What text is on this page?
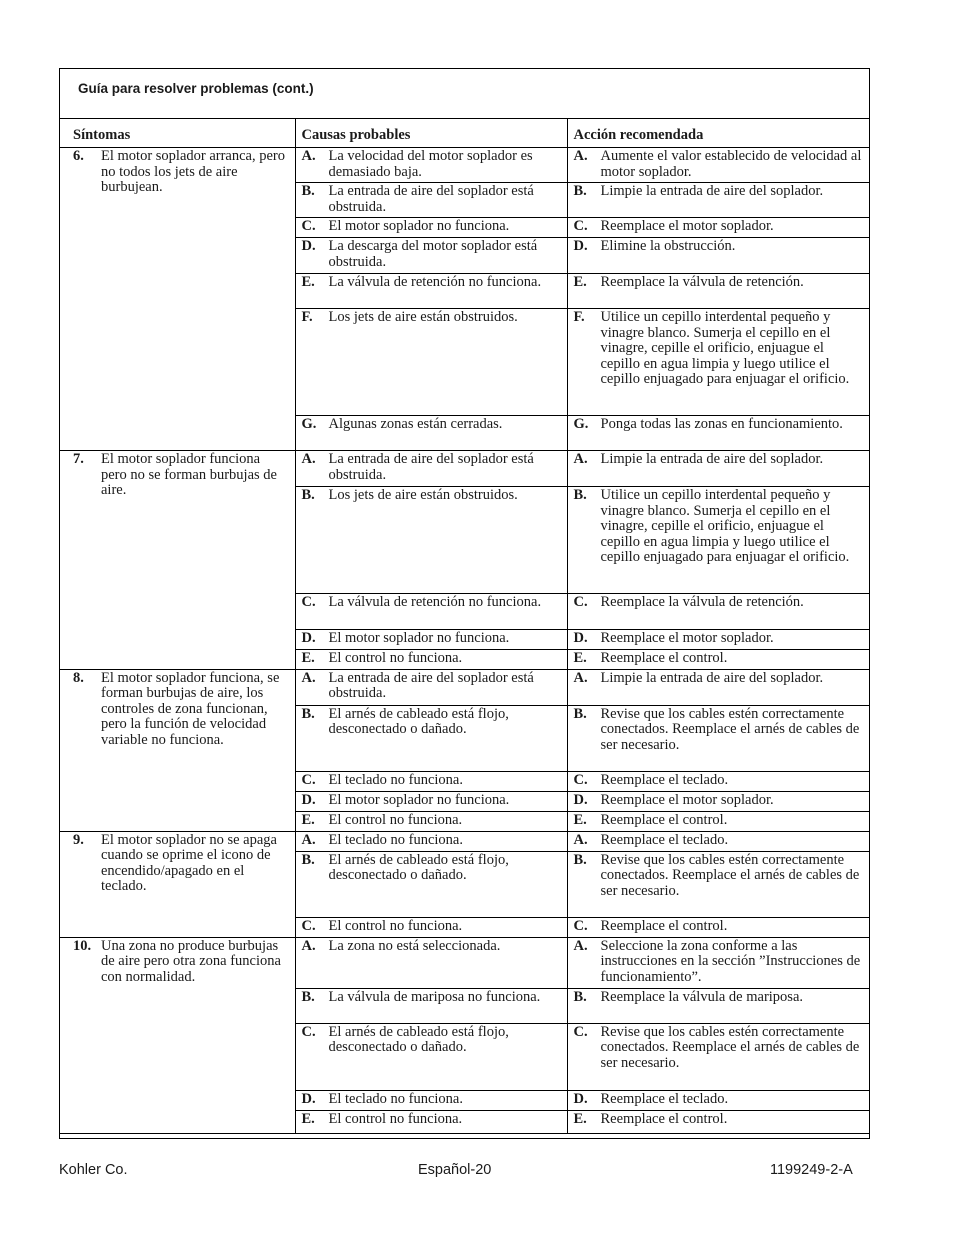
Guía para resolver problemas (cont.)
Síntomas	Causas probables	Acción recomendada

6. El motor soplador arranca, pero no todos los jets de aire burbujean.	A. La velocidad del motor soplador es demasiado baja.	A. Aumente el valor establecido de velocidad al motor soplador.

	B. La entrada de aire del soplador está obstruida.	B. Limpie la entrada de aire del soplador.

	C. El motor soplador no funciona.	C. Reemplace el motor soplador.

	D. La descarga del motor soplador está obstruida.	D. Elimine la obstrucción.

	E. La válvula de retención no funciona.	E. Reemplace la válvula de retención.

	F. Los jets de aire están obstruidos.	F. Utilice un cepillo interdental pequeño y vinagre blanco. Sumerja el cepillo en el vinagre, cepille el orificio, enjuague el cepillo en agua limpia y luego utilice el cepillo enjuagado para enjuagar el orificio.

	G. Algunas zonas están cerradas.	G. Ponga todas las zonas en funcionamiento.

7. El motor soplador funciona pero no se forman burbujas de aire.	A. La entrada de aire del soplador está obstruida.	A. Limpie la entrada de aire del soplador.

	B. Los jets de aire están obstruidos.	B. Utilice un cepillo interdental pequeño y vinagre blanco. Sumerja el cepillo en el vinagre, cepille el orificio, enjuague el cepillo en agua limpia y luego utilice el cepillo enjuagado para enjuagar el orificio.

	C. La válvula de retención no funciona.	C. Reemplace la válvula de retención.

	D. El motor soplador no funciona.	D. Reemplace el motor soplador.

	E. El control no funciona.	E. Reemplace el control.

8. El motor soplador funciona, se forman burbujas de aire, los controles de zona funcionan, pero la función de velocidad variable no funciona.	A. La entrada de aire del soplador está obstruida.	A. Limpie la entrada de aire del soplador.

	B. El arnés de cableado está flojo, desconectado o dañado.	B. Revise que los cables estén correctamente conectados. Reemplace el arnés de cables de ser necesario.

	C. El teclado no funciona.	C. Reemplace el teclado.

	D. El motor soplador no funciona.	D. Reemplace el motor soplador.

	E. El control no funciona.	E. Reemplace el control.

9. El motor soplador no se apaga cuando se oprime el icono de encendido/apagado en el teclado.	A. El teclado no funciona.	A. Reemplace el teclado.

	B. El arnés de cableado está flojo, desconectado o dañado.	B. Revise que los cables estén correctamente conectados. Reemplace el arnés de cables de ser necesario.

	C. El control no funciona.	C. Reemplace el control.

10. Una zona no produce burbujas de aire pero otra zona funciona con normalidad.	A. La zona no está seleccionada.	A. Seleccione la zona conforme a las instrucciones en la sección ”Instrucciones de funcionamiento”.

	B. La válvula de mariposa no funciona.	B. Reemplace la válvula de mariposa.

	C. El arnés de cableado está flojo, desconectado o dañado.	C. Revise que los cables estén correctamente conectados. Reemplace el arnés de cables de ser necesario.

	D. El teclado no funciona.	D. Reemplace el teclado.

	E. El control no funciona.	E. Reemplace el control.
Kohler Co.	Español-20	1199249-2-A
